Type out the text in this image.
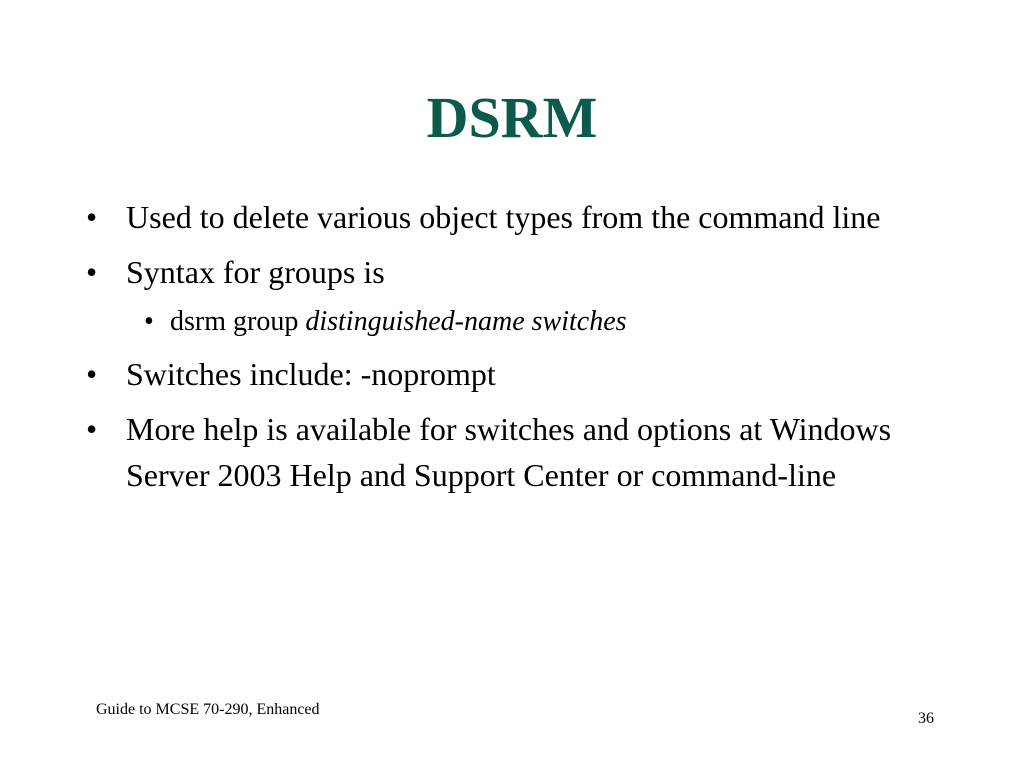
DSRM
• Used to delete various object types from the command line
• Syntax for groups is
• dsrm group distinguished-name switches
• Switches include: -noprompt
• More help is available for switches and options at Windows Server 2003 Help and Support Center or command-line
Guide to MCSE 70-290, Enhanced
36
